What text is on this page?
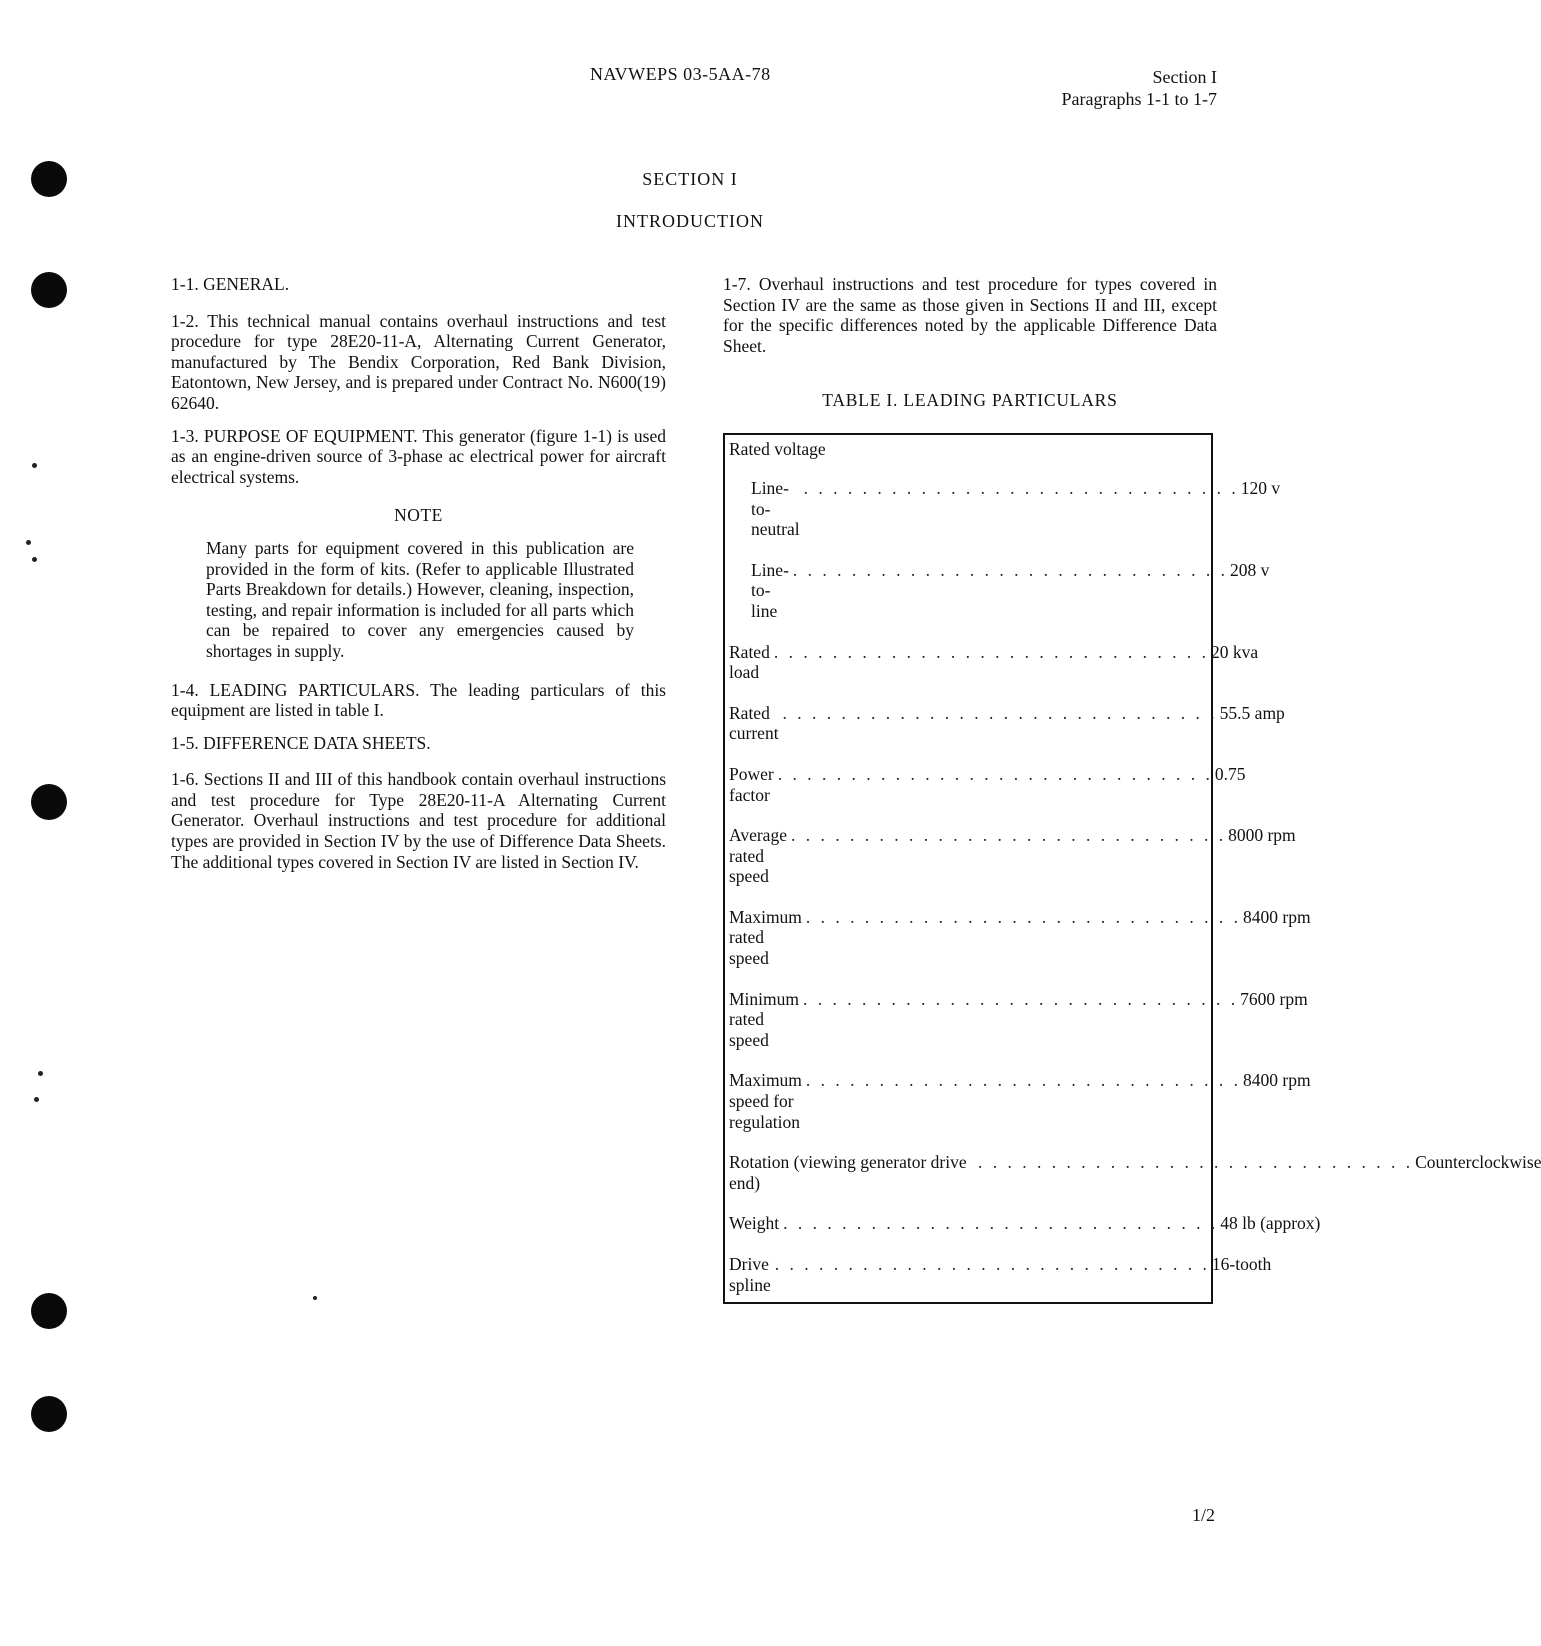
NAVWEPS 03-5AA-78	Section I
Paragraphs 1-1 to 1-7
SECTION I
INTRODUCTION

1-1. GENERAL.

1-2. This technical manual contains overhaul instructions and test procedure for type 28E20-11-A, Alternating Current Generator, manufactured by The Bendix Corporation, Red Bank Division, Eatontown, New Jersey, and is prepared under Contract No. N600(19) 62640.

1-3. PURPOSE OF EQUIPMENT. This generator (figure 1-1) is used as an engine-driven source of 3-phase ac electrical power for aircraft electrical systems.

NOTE

Many parts for equipment covered in this publication are provided in the form of kits. (Refer to applicable Illustrated Parts Breakdown for details.) However, cleaning, inspection, testing, and repair information is included for all parts which can be repaired to cover any emergencies caused by shortages in supply.

1-4. LEADING PARTICULARS. The leading particulars of this equipment are listed in table I.

1-5. DIFFERENCE DATA SHEETS.

1-6. Sections II and III of this handbook contain overhaul instructions and test procedure for Type 28E20-11-A Alternating Current Generator. Overhaul instructions and test procedure for additional types are provided in Section IV by the use of Difference Data Sheets. The additional types covered in Section IV are listed in Section IV.

1-7. Overhaul instructions and test procedure for types covered in Section IV are the same as those given in Sections II and III, except for the specific differences noted by the applicable Difference Data Sheet.

TABLE I. LEADING PARTICULARS
Rated voltage
Line-to-neutral
. . . . . . . . . . . . . . . . . . . . . . . . . . . . . . 120 v
Line-to-line
. . . . . . . . . . . . . . . . . . . . . . . . . . . . . . 208 v
Rated load
. . . . . . . . . . . . . . . . . . . . . . . . . . . . . . 20 kva
Rated current
. . . . . . . . . . . . . . . . . . . . . . . . . . . . . . 55.5 amp
Power factor
. . . . . . . . . . . . . . . . . . . . . . . . . . . . . . 0.75
Average rated speed
. . . . . . . . . . . . . . . . . . . . . . . . . . . . . . 8000 rpm
Maximum rated speed
. . . . . . . . . . . . . . . . . . . . . . . . . . . . . . 8400 rpm
Minimum rated speed
. . . . . . . . . . . . . . . . . . . . . . . . . . . . . . 7600 rpm
Maximum speed for regulation
. . . . . . . . . . . . . . . . . . . . . . . . . . . . . . 8400 rpm
Rotation (viewing generator drive end)
. . . . . . . . . . . . . . . . . . . . . . . . . . . . . . Counterclockwise
Weight . . . . . . . . . . . . . . . . . . . . . . . . . . . . . . 48 lb (approx)
Drive spline
. . . . . . . . . . . . . . . . . . . . . . . . . . . . . . 16-tooth
1/2
